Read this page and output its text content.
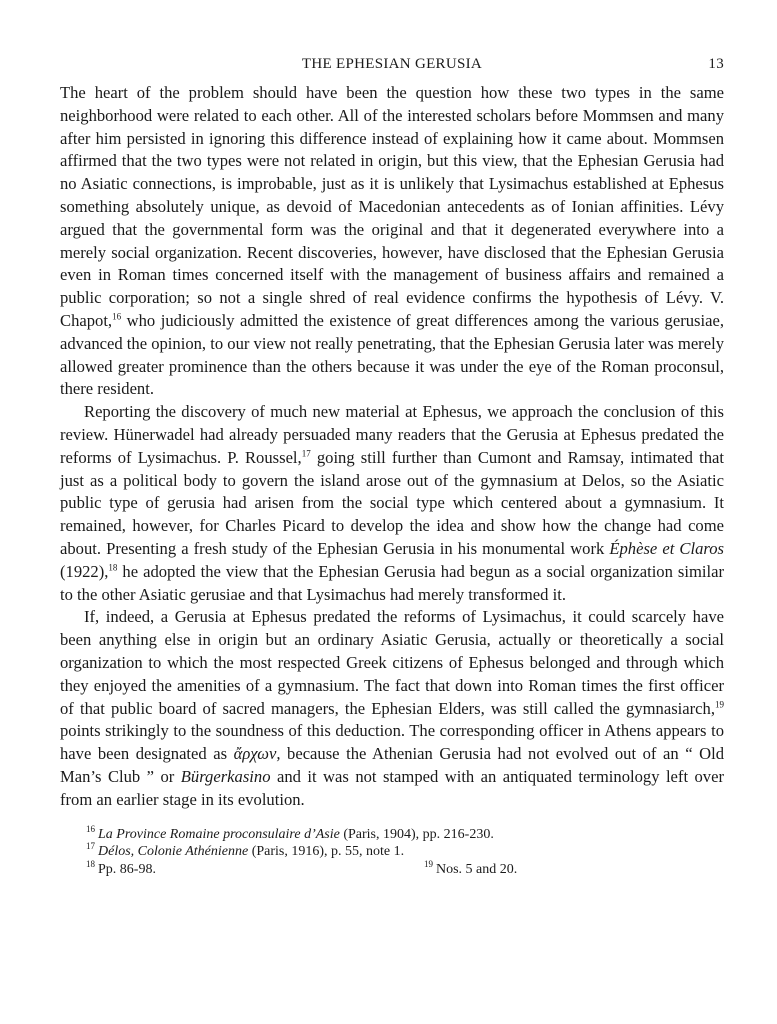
THE EPHESIAN GERUSIA	13

The heart of the problem should have been the question how these two types in the same neighborhood were related to each other. All of the interested scholars before Mommsen and many after him persisted in ignoring this difference instead of explaining how it came about. Mommsen affirmed that the two types were not related in origin, but this view, that the Ephesian Gerusia had no Asiatic connections, is improbable, just as it is unlikely that Lysimachus established at Ephesus something absolutely unique, as devoid of Macedonian antecedents as of Ionian affinities. Lévy argued that the governmental form was the original and that it degenerated everywhere into a merely social organization. Recent discoveries, however, have disclosed that the Ephesian Gerusia even in Roman times concerned itself with the management of business affairs and remained a public corporation; so not a single shred of real evidence confirms the hypothesis of Lévy. V. Chapot,$^{16}$ who judiciously admitted the existence of great differences among the various gerusiae, advanced the opinion, to our view not really penetrating, that the Ephesian Gerusia later was merely allowed greater prominence than the others because it was under the eye of the Roman proconsul, there resident.

Reporting the discovery of much new material at Ephesus, we approach the conclusion of this review. Hünerwadel had already persuaded many readers that the Gerusia at Ephesus predated the reforms of Lysimachus. P. Roussel,$^{17}$ going still further than Cumont and Ramsay, intimated that just as a political body to govern the island arose out of the gymnasium at Delos, so the Asiatic public type of gerusia had arisen from the social type which centered about a gymnasium. It remained, however, for Charles Picard to develop the idea and show how the change had come about. Presenting a fresh study of the Ephesian Gerusia in his monumental work Éphèse et Claros (1922),$^{18}$ he adopted the view that the Ephesian Gerusia had begun as a social organization similar to the other Asiatic gerusiae and that Lysimachus had merely transformed it.

If, indeed, a Gerusia at Ephesus predated the reforms of Lysimachus, it could scarcely have been anything else in origin but an ordinary Asiatic Gerusia, actually or theoretically a social organization to which the most respected Greek citizens of Ephesus belonged and through which they enjoyed the amenities of a gymnasium. The fact that down into Roman times the first officer of that public board of sacred managers, the Ephesian Elders, was still called the gymnasiarch,$^{19}$ points strikingly to the soundness of this deduction. The corresponding officer in Athens appears to have been designated as ἄρχων, because the Athenian Gerusia had not evolved out of an “ Old Man’s Club ” or Bürgerkasino and it was not stamped with an antiquated terminology left over from an earlier stage in its evolution.

$^{16}$ La Province Romaine proconsulaire d’Asie (Paris, 1904), pp. 216-230.
$^{17}$ Délos, Colonie Athénienne (Paris, 1916), p. 55, note 1.
$^{18}$ Pp. 86-98.	$^{19}$ Nos. 5 and 20.
